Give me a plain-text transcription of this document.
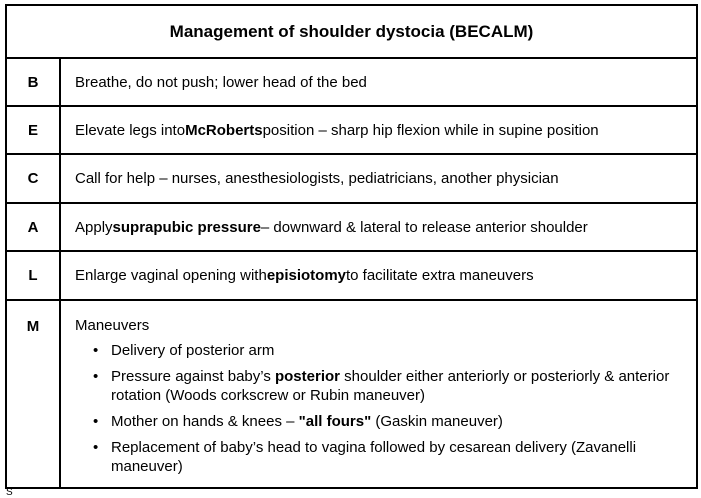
Management of shoulder dystocia (BECALM)
B	Breathe, do not push; lower head of the bed
E	Elevate legs into McRoberts position – sharp hip flexion while in supine position
C	Call for help – nurses, anesthesiologists, pediatricians, another physician
A	Apply suprapubic pressure – downward & lateral to release anterior shoulder
L	Enlarge vaginal opening with episiotomy to facilitate extra maneuvers
M	Maneuvers
• Delivery of posterior arm
• Pressure against baby’s posterior shoulder either anteriorly or posteriorly & anterior rotation (Woods corkscrew or Rubin maneuver)
• Mother on hands & knees – "all fours" (Gaskin maneuver)
• Replacement of baby’s head to vagina followed by cesarean delivery (Zavanelli maneuver)
S
